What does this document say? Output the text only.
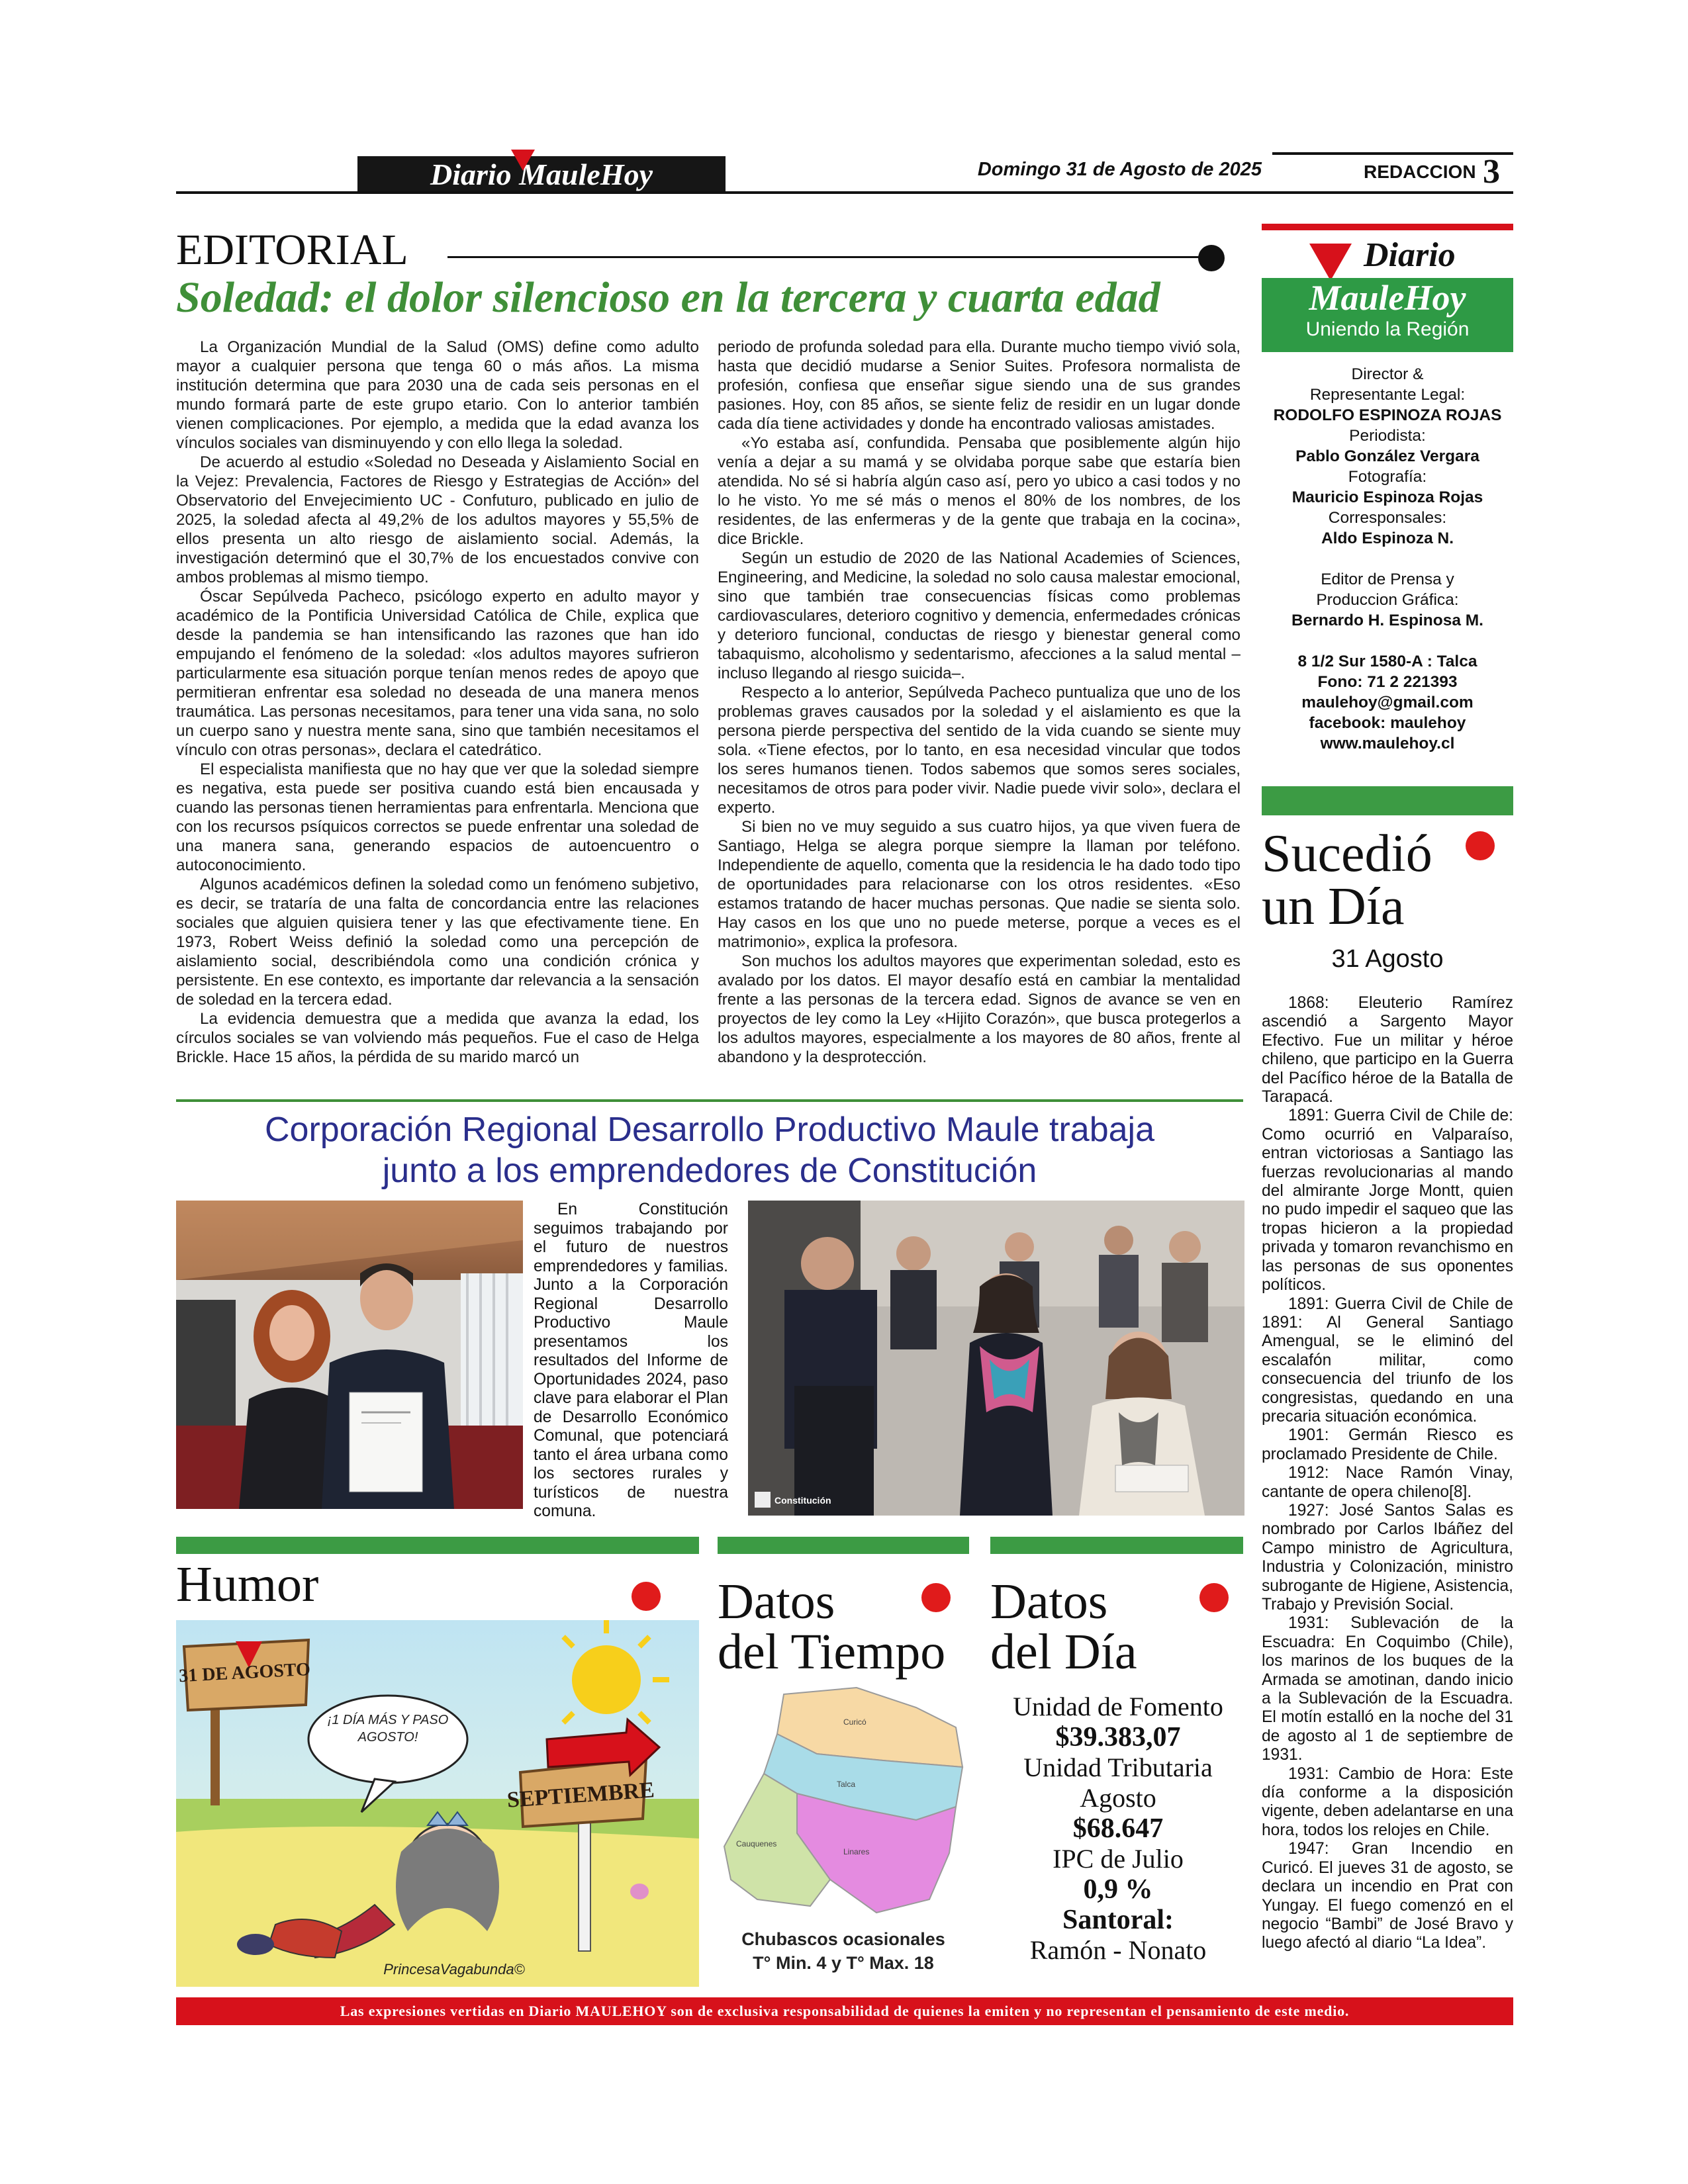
Diario MauleHoy	Domingo 31 de Agosto de 2025	REDACCION 3
EDITORIAL
Soledad: el dolor silencioso en la tercera y cuarta edad

La Organización Mundial de la Salud (OMS) define como adulto mayor a cualquier persona que tenga 60 o más años. La misma institución determina que para 2030 una de cada seis personas en el mundo formará parte de este grupo etario. Con lo anterior también vienen complicaciones. Por ejemplo, a medida que la edad avanza los vínculos sociales van disminuyendo y con ello llega la soledad.

De acuerdo al estudio «Soledad no Deseada y Aislamiento Social en la Vejez: Prevalencia, Factores de Riesgo y Estrategias de Acción» del Observatorio del Envejecimiento UC - Confuturo, publicado en julio de 2025, la soledad afecta al 49,2% de los adultos mayores y 55,5% de ellos presenta un alto riesgo de aislamiento social. Además, la investigación determinó que el 30,7% de los encuestados convive con ambos problemas al mismo tiempo.

Óscar Sepúlveda Pacheco, psicólogo experto en adulto mayor y académico de la Pontificia Universidad Católica de Chile, explica que desde la pandemia se han intensificando las razones que han ido empujando el fenómeno de la soledad: «los adultos mayores sufrieron particularmente esa situación porque tenían menos redes de apoyo que permitieran enfrentar esa soledad no deseada de una manera menos traumática. Las personas necesitamos, para tener una vida sana, no solo un cuerpo sano y nuestra mente sana, sino que también necesitamos el vínculo con otras personas», declara el catedrático.

El especialista manifiesta que no hay que ver que la soledad siempre es negativa, esta puede ser positiva cuando está bien encausada y cuando las personas tienen herramientas para enfrentarla. Menciona que con los recursos psíquicos correctos se puede enfrentar una soledad de una manera sana, generando espacios de autoencuentro o autoconocimiento.

Algunos académicos definen la soledad como un fenómeno subjetivo, es decir, se trataría de una falta de concordancia entre las relaciones sociales que alguien quisiera tener y las que efectivamente tiene. En 1973, Robert Weiss definió la soledad como una percepción de aislamiento social, describiéndola como una condición crónica y persistente. En ese contexto, es importante dar relevancia a la sensación de soledad en la tercera edad.

La evidencia demuestra que a medida que avanza la edad, los círculos sociales se van volviendo más pequeños. Fue el caso de Helga Brickle. Hace 15 años, la pérdida de su marido marcó un

periodo de profunda soledad para ella. Durante mucho tiempo vivió sola, hasta que decidió mudarse a Senior Suites. Profesora normalista de profesión, confiesa que enseñar sigue siendo una de sus grandes pasiones. Hoy, con 85 años, se siente feliz de residir en un lugar donde cada día tiene actividades y donde ha encontrado valiosas amistades.

«Yo estaba así, confundida. Pensaba que posiblemente algún hijo venía a dejar a su mamá y se olvidaba porque sabe que estaría bien atendida. No sé si habría algún caso así, pero yo ubico a casi todos y no lo he visto. Yo me sé más o menos el 80% de los nombres, de los residentes, de las enfermeras y de la gente que trabaja en la cocina», dice Brickle.

Según un estudio de 2020 de las National Academies of Sciences, Engineering, and Medicine, la soledad no solo causa malestar emocional, sino que también trae consecuencias físicas como problemas cardiovasculares, deterioro cognitivo y demencia, enfermedades crónicas y deterioro funcional, conductas de riesgo y bienestar general como tabaquismo, alcoholismo y sedentarismo, afecciones a la salud mental –incluso llegando al riesgo suicida–.

Respecto a lo anterior, Sepúlveda Pacheco puntualiza que uno de los problemas graves causados por la soledad y el aislamiento es que la persona pierde perspectiva del sentido de la vida cuando se siente muy sola. «Tiene efectos, por lo tanto, en esa necesidad vincular que todos los seres humanos tienen. Todos sabemos que somos seres sociales, necesitamos de otros para poder vivir. Nadie puede vivir solo», declara el experto.

Si bien no ve muy seguido a sus cuatro hijos, ya que viven fuera de Santiago, Helga se alegra porque siempre la llaman por teléfono. Independiente de aquello, comenta que la residencia le ha dado todo tipo de oportunidades para relacionarse con los otros residentes. «Eso estamos tratando de hacer muchas personas. Que nadie se sienta solo. Hay casos en los que uno no puede meterse, porque a veces es el matrimonio», explica la profesora.

Son muchos los adultos mayores que experimentan soledad, esto es avalado por los datos. El mayor desafío está en cambiar la mentalidad frente a las personas de la tercera edad. Signos de avance se ven en proyectos de ley como la Ley «Hijito Corazón», que busca protegerlos a los adultos mayores, especialmente a los mayores de 80 años, frente al abandono y la desprotección.

Corporación Regional Desarrollo Productivo Maule trabaja
junto a los emprendedores de Constitución

En Constitución seguimos trabajando por el futuro de nuestros emprendedores y familias. Junto a la Corporación Regional Desarrollo Productivo Maule presentamos los resultados del Informe de Oportunidades 2024, paso clave para elaborar el Plan de Desarrollo Económico Comunal, que potenciará tanto el área urbana como los sectores rurales y turísticos de nuestra comuna.

Constitución
Humor
31 DE AGOSTO
¡1 DÍA MÁS Y PASO AGOSTO!
SEPTIEMBRE
PrincesaVagabunda©
Datos
del Tiempo
Curicó
Talca
Cauquenes
Linares
Chubascos ocasionales
T° Min. 4 y T° Max. 18
Datos
del Día
Unidad de Fomento
$39.383,07
Unidad Tributaria
Agosto
$68.647
IPC de Julio
0,9 %
Santoral:
Ramón - Nonato
Diario
MauleHoy
Uniendo la Región
Director &
Representante Legal:
RODOLFO ESPINOZA ROJAS
Periodista:
Pablo González Vergara
Fotografía:
Mauricio Espinoza Rojas
Corresponsales:
Aldo Espinoza N.
Editor de Prensa y
Produccion Gráfica:
Bernardo H. Espinosa M.
8 1/2 Sur 1580-A : Talca
Fono: 71 2 221393
maulehoy@gmail.com
facebook: maulehoy
www.maulehoy.cl
Sucedió
un Día
31 Agosto

1868: Eleuterio Ramírez ascendió a Sargento Mayor Efectivo. Fue un militar y héroe chileno, que participo en la Guerra del Pacífico héroe de la Batalla de Tarapacá.

1891: Guerra Civil de Chile de: Como ocurrió en Valparaíso, entran victoriosas a Santiago las fuerzas revolucionarias al mando del almirante Jorge Montt, quien no pudo impedir el saqueo que las tropas hicieron a la propiedad privada y tomaron revanchismo en las personas de sus oponentes políticos.

1891: Guerra Civil de Chile de 1891: Al General Santiago Amengual, se le eliminó del escalafón militar, como consecuencia del triunfo de los congresistas, quedando en una precaria situación económica.

1901: Germán Riesco es proclamado Presidente de Chile.

1912: Nace Ramón Vinay, cantante de opera chileno[8].

1927: José Santos Salas es nombrado por Carlos Ibáñez del Campo ministro de Agricultura, Industria y Colonización, ministro subrogante de Higiene, Asistencia, Trabajo y Previsión Social.

1931: Sublevación de la Escuadra: En Coquimbo (Chile), los marinos de los buques de la Armada se amotinan, dando inicio a la Sublevación de la Escuadra. El motín estalló en la noche del 31 de agosto al 1 de septiembre de 1931.

1931: Cambio de Hora: Este día conforme a la disposición vigente, deben adelantarse en una hora, todos los relojes en Chile.

1947: Gran Incendio en Curicó. El jueves 31 de agosto, se declara un incendio en Prat con Yungay. El fuego comenzó en el negocio “Bambi” de José Bravo y luego afectó al diario “La Idea”.

Las expresiones vertidas en Diario MAULEHOY son de exclusiva responsabilidad de quienes la emiten y no representan el pensamiento de este medio.
